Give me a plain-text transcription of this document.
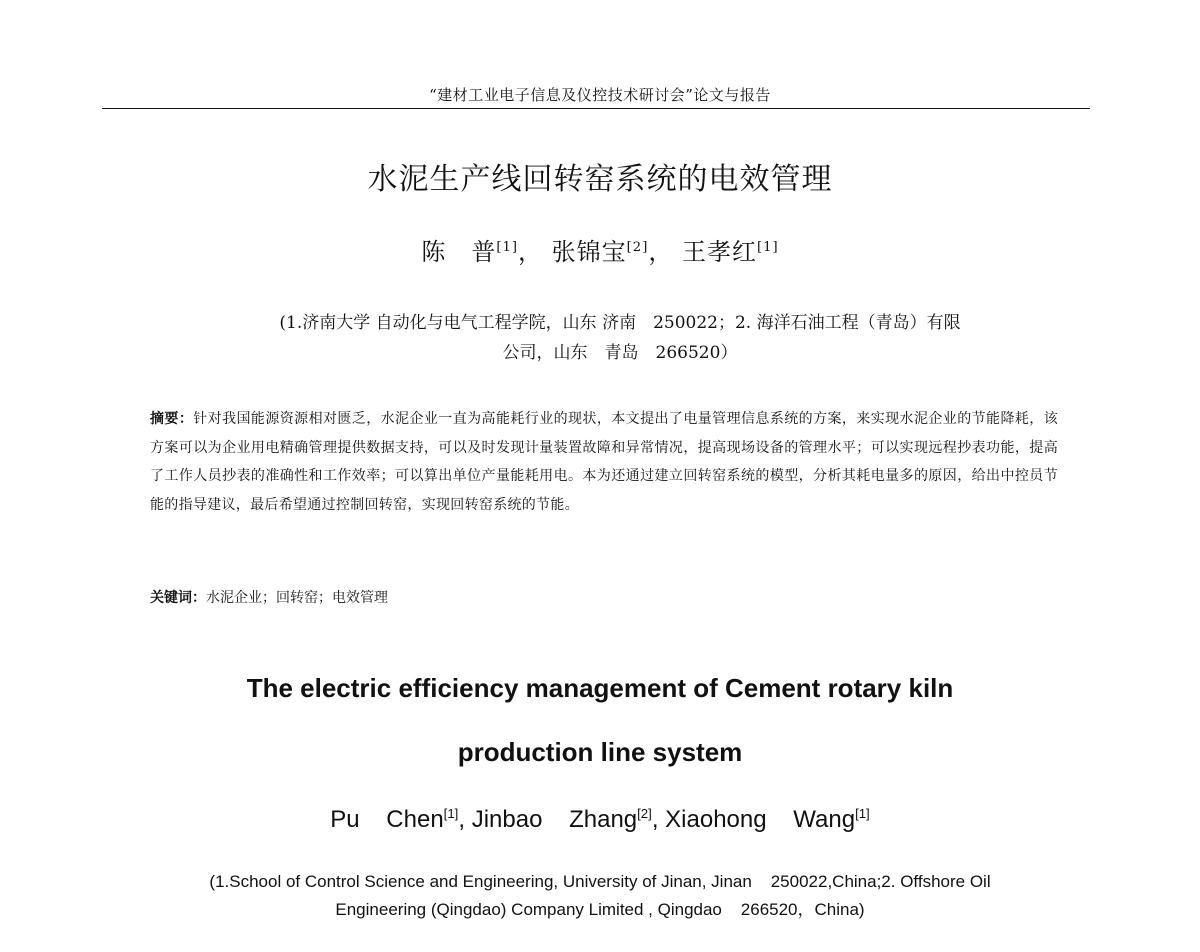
“建材工业电子信息及仪控技术研讨会”论文与报告
水泥生产线回转窑系统的电效管理
陈　普[1]， 张锦宝[2]， 王孝红[1]
(1.济南大学 自动化与电气工程学院，山东 济南　250022；2. 海洋石油工程（青岛）有限
公司，山东　青岛　266520）
摘要：针对我国能源资源相对匮乏，水泥企业一直为高能耗行业的现状，本文提出了电量管理信息系统的方案，来实现水泥企业的节能降耗，该方案可以为企业用电精确管理提供数据支持，可以及时发现计量装置故障和异常情况，提高现场设备的管理水平；可以实现远程抄表功能，提高了工作人员抄表的准确性和工作效率；可以算出单位产量能耗用电。本为还通过建立回转窑系统的模型，分析其耗电量多的原因，给出中控员节能的指导建议，最后希望通过控制回转窑，实现回转窑系统的节能。
关键词：水泥企业；回转窑；电效管理
The electric efficiency management of Cement rotary kiln
production line system
Pu    Chen[1], Jinbao    Zhang[2], Xiaohong    Wang[1]
(1.School of Control Science and Engineering, University of Jinan, Jinan    250022,China;2. Offshore Oil
Engineering (Qingdao) Company Limited , Qingdao    266520，China)
